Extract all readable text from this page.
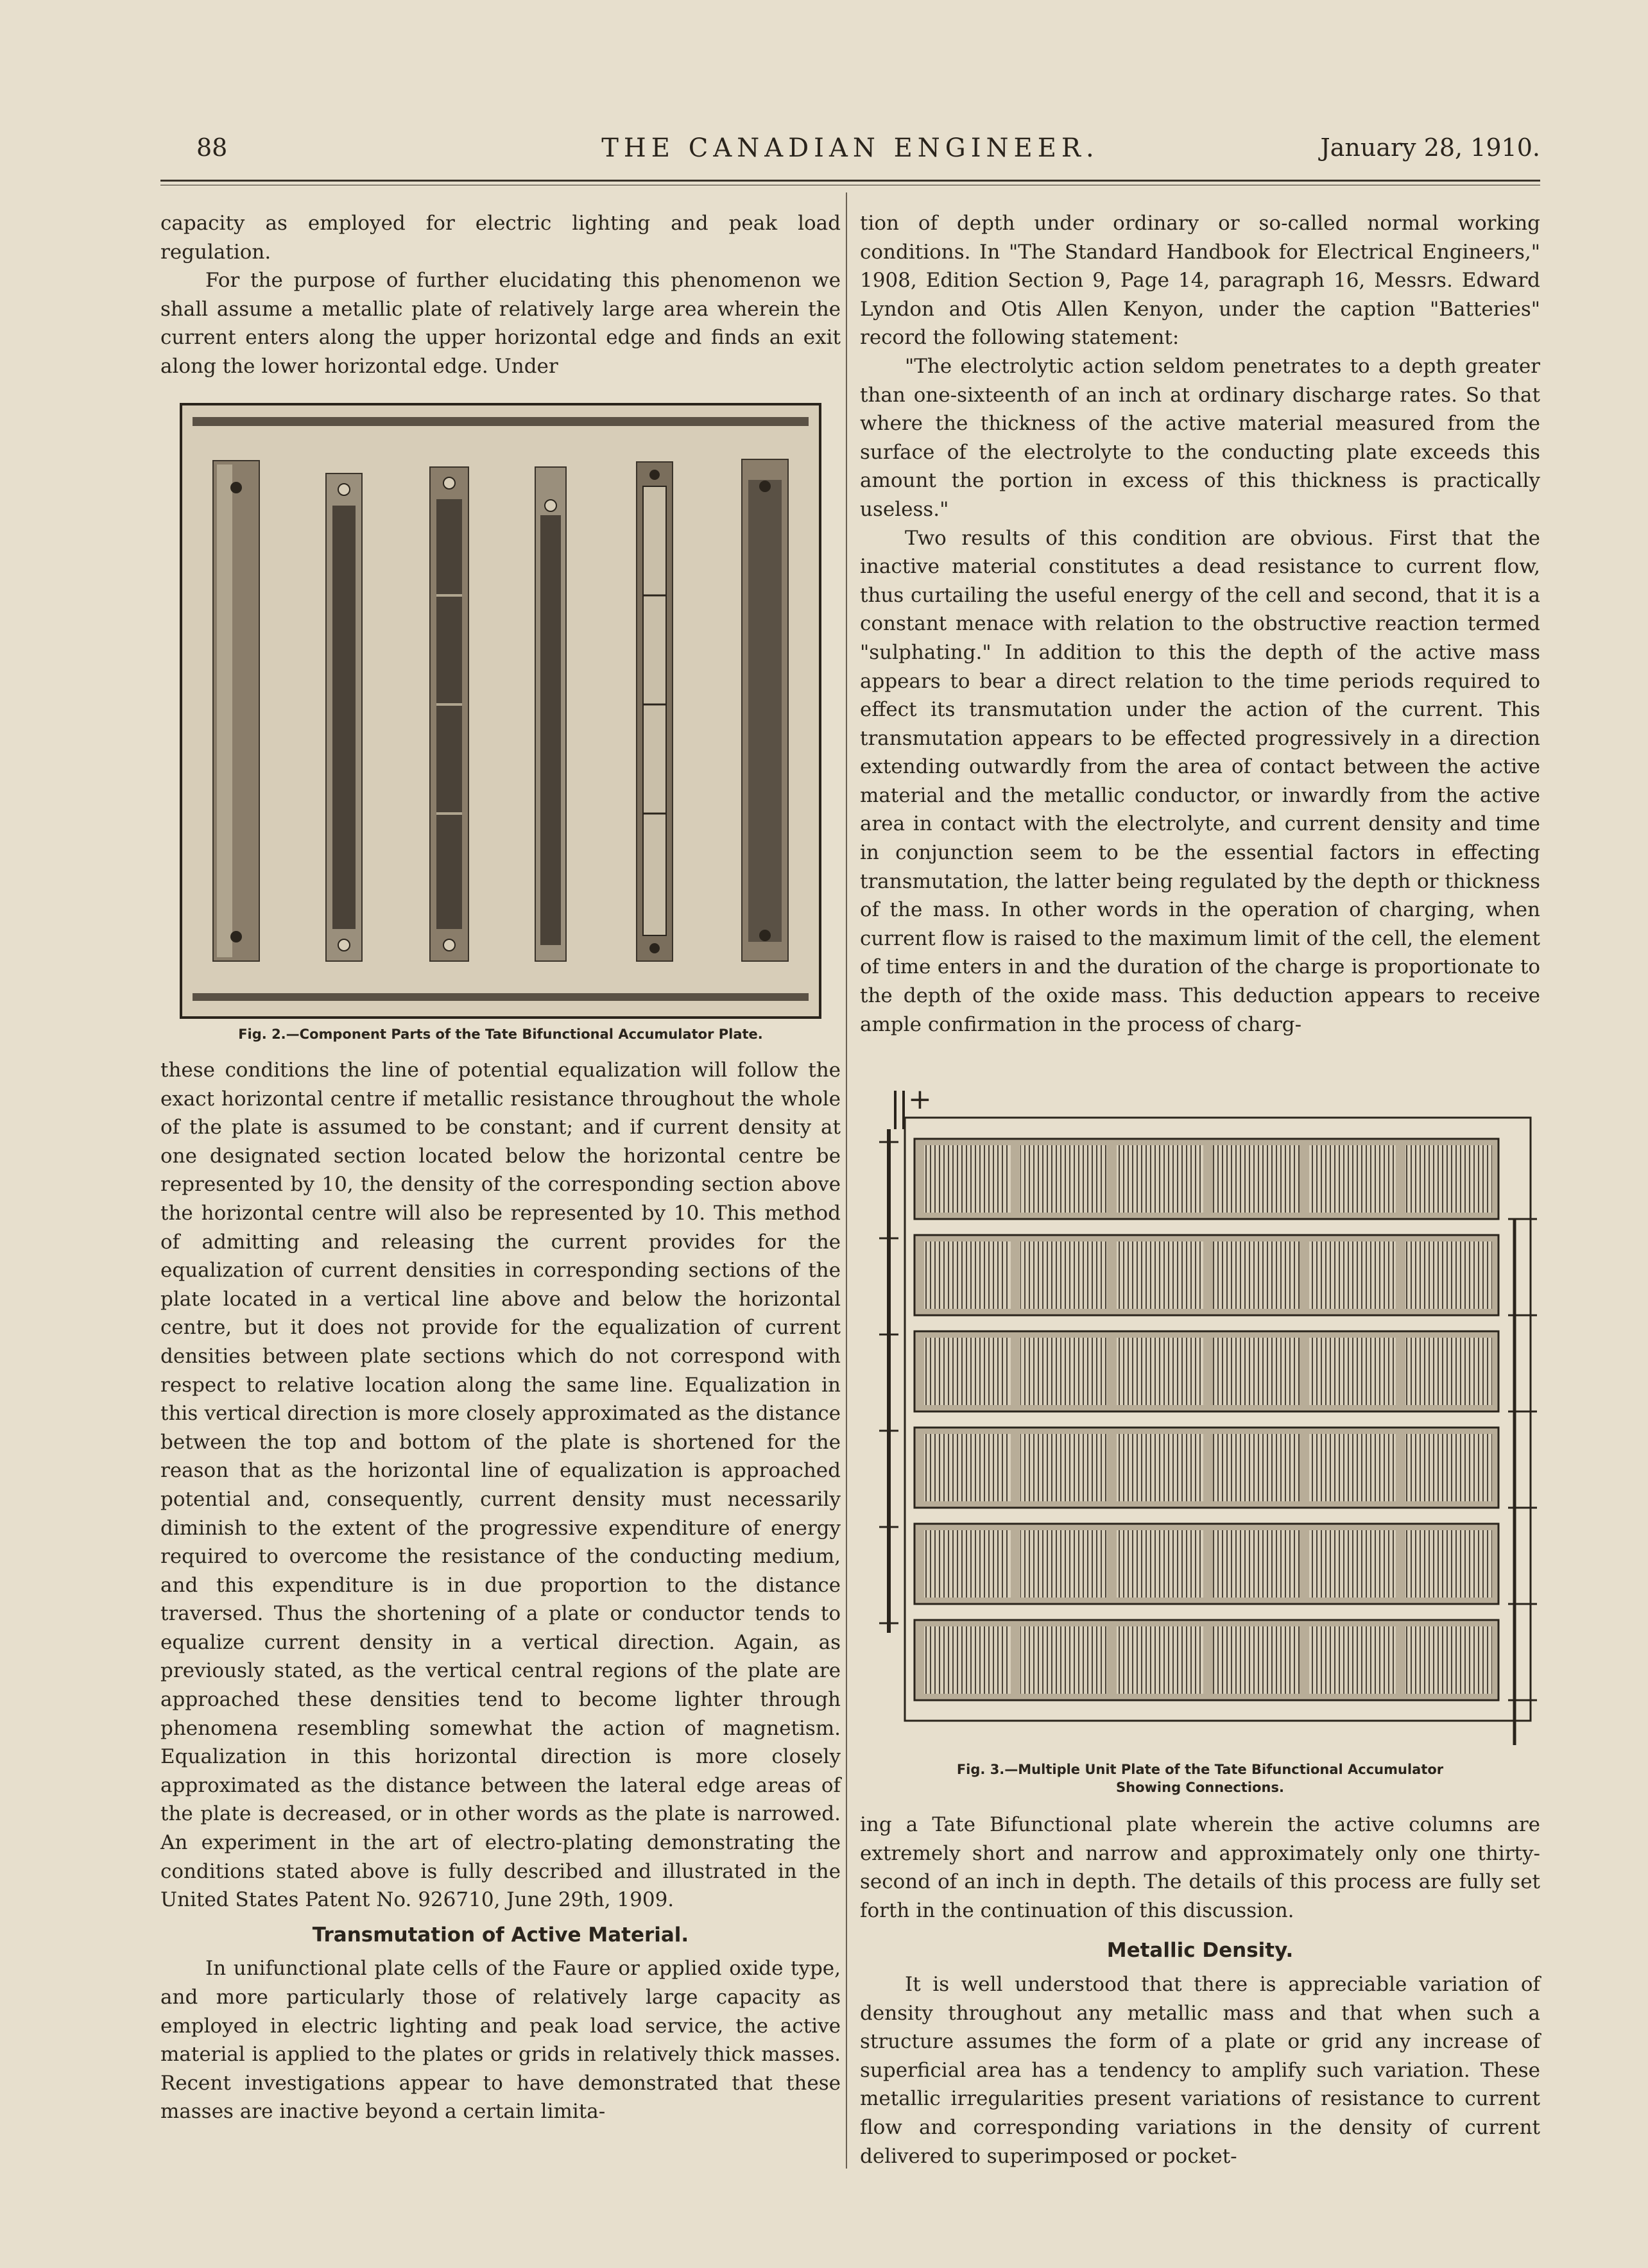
88	THE CANADIAN ENGINEER.	January 28, 1910.

capacity as employed for electric lighting and peak load regulation.

For the purpose of further elucidating this phenomenon we shall assume a metallic plate of relatively large area wherein the current enters along the upper horizontal edge and finds an exit along the lower horizontal edge. Under

Fig. 2.—Component Parts of the Tate Bifunctional Accumulator Plate.

these conditions the line of potential equalization will follow the exact horizontal centre if metallic resistance throughout the whole of the plate is assumed to be constant; and if current density at one designated section located below the horizontal centre be represented by 10, the density of the corresponding section above the horizontal centre will also be represented by 10. This method of admitting and releasing the current provides for the equalization of current densities in corresponding sections of the plate located in a vertical line above and below the horizontal centre, but it does not provide for the equalization of current densities between plate sections which do not correspond with respect to relative location along the same line. Equalization in this vertical direction is more closely approximated as the distance between the top and bottom of the plate is shortened for the reason that as the horizontal line of equalization is approached potential and, consequently, current density must necessarily diminish to the extent of the progressive expenditure of energy required to overcome the resistance of the conducting medium, and this expenditure is in due proportion to the distance traversed. Thus the shortening of a plate or conductor tends to equalize current density in a vertical direction. Again, as previously stated, as the vertical central regions of the plate are approached these densities tend to become lighter through phenomena resembling somewhat the action of magnetism. Equalization in this horizontal direction is more closely approximated as the distance between the lateral edge areas of the plate is decreased, or in other words as the plate is narrowed. An experiment in the art of electro-plating demonstrating the conditions stated above is fully described and illustrated in the United States Patent No. 926710, June 29th, 1909.

Transmutation of Active Material.

In unifunctional plate cells of the Faure or applied oxide type, and more particularly those of relatively large capacity as employed in electric lighting and peak load service, the active material is applied to the plates or grids in relatively thick masses. Recent investigations appear to have demonstrated that these masses are inactive beyond a certain limita-

tion of depth under ordinary or so-called normal working conditions. In "The Standard Handbook for Electrical Engineers," 1908, Edition Section 9, Page 14, paragraph 16, Messrs. Edward Lyndon and Otis Allen Kenyon, under the caption "Batteries" record the following statement:

"The electrolytic action seldom penetrates to a depth greater than one-sixteenth of an inch at ordinary discharge rates. So that where the thickness of the active material measured from the surface of the electrolyte to the conducting plate exceeds this amount the portion in excess of this thickness is practically useless."

Two results of this condition are obvious. First that the inactive material constitutes a dead resistance to current flow, thus curtailing the useful energy of the cell and second, that it is a constant menace with relation to the obstructive reaction termed "sulphating." In addition to this the depth of the active mass appears to bear a direct relation to the time periods required to effect its transmutation under the action of the current. This transmutation appears to be effected progressively in a direction extending outwardly from the area of contact between the active material and the metallic conductor, or inwardly from the active area in contact with the electrolyte, and current density and time in conjunction seem to be the essential factors in effecting transmutation, the latter being regulated by the depth or thickness of the mass. In other words in the operation of charging, when current flow is raised to the maximum limit of the cell, the element of time enters in and the duration of the charge is proportionate to the depth of the oxide mass. This deduction appears to receive ample confirmation in the process of charg-

+
Fig. 3.—Multiple Unit Plate of the Tate Bifunctional Accumulator
Showing Connections.

ing a Tate Bifunctional plate wherein the active columns are extremely short and narrow and approximately only one thirty-second of an inch in depth. The details of this process are fully set forth in the continuation of this discussion.

Metallic Density.

It is well understood that there is appreciable variation of density throughout any metallic mass and that when such a structure assumes the form of a plate or grid any increase of superficial area has a tendency to amplify such variation. These metallic irregularities present variations of resistance to current flow and corresponding variations in the density of current delivered to superimposed or pocket-
